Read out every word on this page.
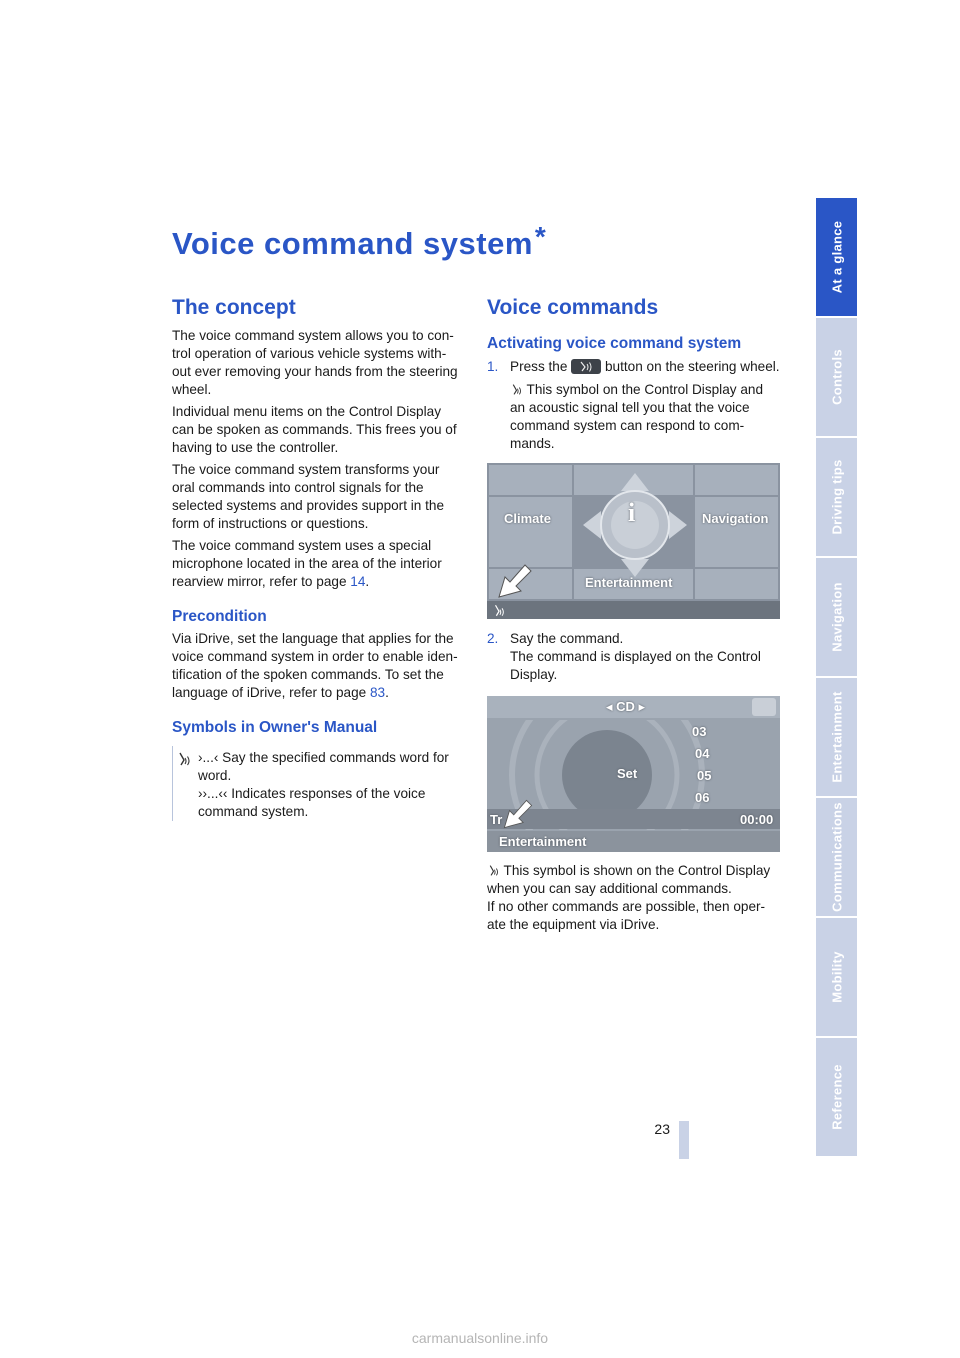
At a glance
Controls
Driving tips
Navigation
Entertainment
Communications
Mobility
Reference
Voice command system*
The concept
The voice command system allows you to con-
trol operation of various vehicle systems with-
out ever removing your hands from the steering
wheel.
Individual menu items on the Control Display
can be spoken as commands. This frees you of
having to use the controller.
The voice command system transforms your
oral commands into control signals for the
selected systems and provides support in the
form of instructions or questions.
The voice command system uses a special
microphone located in the area of the interior
rearview mirror, refer to page 14.
Precondition
Via iDrive, set the language that applies for the
voice command system in order to enable iden-
tification of the spoken commands. To set the
language of iDrive, refer to page 83.
Symbols in Owner's Manual
›...‹ Say the specified commands word for
word.
››...‹‹ Indicates responses of the voice
command system.
Voice commands
Activating voice command system
1. Press the	button on the steering wheel.
This symbol on the Control Display and
an acoustic signal tell you that the voice
command system can respond to com-
mands.
i
Climate	Navigation
Entertainment
2. Say the command.
The command is displayed on the Control
Display.
◂ CD ▸
Set
03
04
05
06
Tr	00:00
Entertainment
This symbol is shown on the Control Display
when you can say additional commands.
If no other commands are possible, then oper-
ate the equipment via iDrive.
23
carmanualsonline.info
